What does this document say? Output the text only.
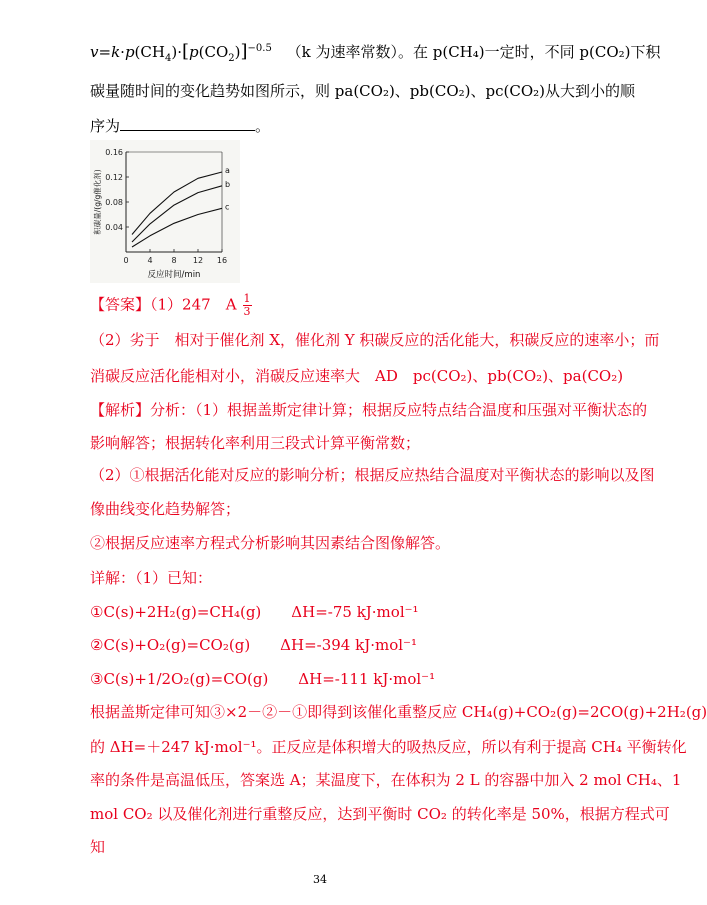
$v=k\cdot p(CH_4)\cdot[p(CO_2)]^{-0.5}$ （k 为速率常数）。在 p(CH₄)一定时，不同 p(CO₂)下积
碳量随时间的变化趋势如图所示，则 pa(CO₂)、pb(CO₂)、pc(CO₂)从大到小的顺
序为	。
0 4 8 12 16
0.04
0.08
0.12
0.16
a
b
c
反应时间/min
积碳量/(g/g催化剂)
【答案】（1）247　A $\frac{1}{3}$
（2）劣于　相对于催化剂 X，催化剂 Y 积碳反应的活化能大，积碳反应的速率小；而
消碳反应活化能相对小，消碳反应速率大　AD　pc(CO₂)、pb(CO₂)、pa(CO₂)
【解析】分析：（1）根据盖斯定律计算；根据反应特点结合温度和压强对平衡状态的
影响解答；根据转化率利用三段式计算平衡常数；
（2）①根据活化能对反应的影响分析；根据反应热结合温度对平衡状态的影响以及图
像曲线变化趋势解答；
②根据反应速率方程式分析影响其因素结合图像解答。
详解：（1）已知：
①C(s)+2H₂(g)=CH₄(g)　　ΔH=-75 kJ·mol⁻¹
②C(s)+O₂(g)=CO₂(g)　　ΔH=-394 kJ·mol⁻¹
③C(s)+1/2O₂(g)=CO(g)　　ΔH=-111 kJ·mol⁻¹
根据盖斯定律可知③×2－②－①即得到该催化重整反应 CH₄(g)+CO₂(g)=2CO(g)+2H₂(g)
的 ΔH=＋247 kJ·mol⁻¹。正反应是体积增大的吸热反应，所以有利于提高 CH₄ 平衡转化
率的条件是高温低压，答案选 A；某温度下，在体积为 2 L 的容器中加入 2 mol CH₄、1
mol CO₂ 以及催化剂进行重整反应，达到平衡时 CO₂ 的转化率是 50%，根据方程式可
知
34
